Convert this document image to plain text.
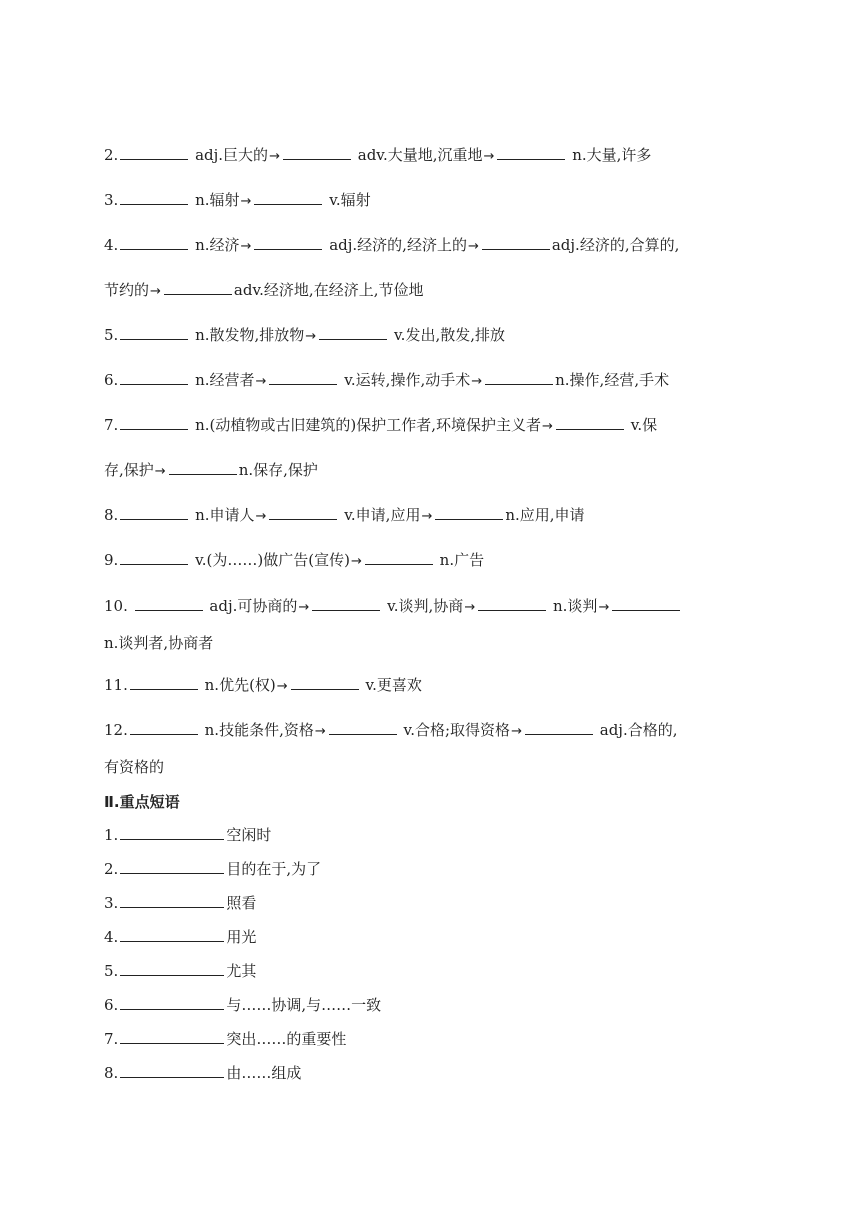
2.	adj.巨大的→	adv.大量地,沉重地→	n.大量,许多
3.	n.辐射→	v.辐射
4.	n.经济→	adj.经济的,经济上的→	adj.经济的,合算的,
节约的→	adv.经济地,在经济上,节俭地
5.	n.散发物,排放物→	v.发出,散发,排放
6.	n.经营者→	v.运转,操作,动手术→	n.操作,经营,手术
7.	n.(动植物或古旧建筑的)保护工作者,环境保护主义者→	v.保
存,保护→	n.保存,保护
8.	n.申请人→	v.申请,应用→	n.应用,申请
9.	v.(为……)做广告(宣传)→	n.广告
10.	adj.可协商的→	v.谈判,协商→	n.谈判→
n.谈判者,协商者
11.	n.优先(权)→	v.更喜欢
12.	n.技能条件,资格→	v.合格;取得资格→	adj.合格的,
有资格的
Ⅱ.重点短语
1.	空闲时
2.	目的在于,为了
3.	照看
4.	用光
5.	尤其
6.	与……协调,与……一致
7.	突出……的重要性
8.	由……组成
